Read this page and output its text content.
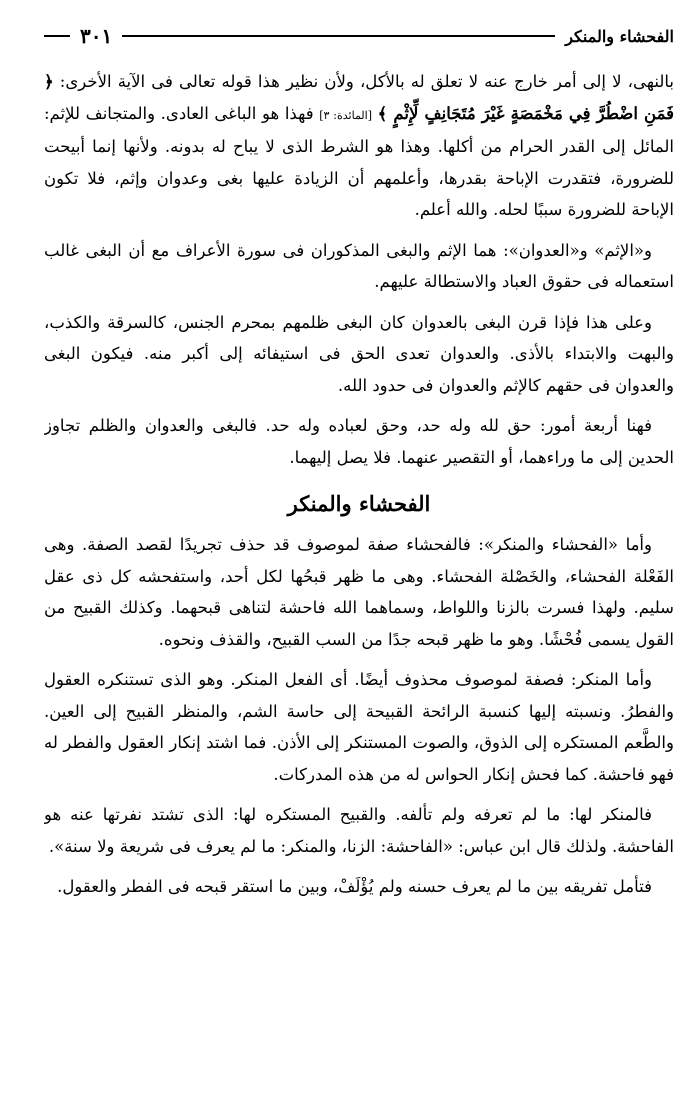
الفحشاء والمنكر
٣٠١

بالنهى، لا إلى أمر خارج عنه لا تعلق له بالأكل، ولأن نظير هذا قوله تعالى فى الآية الأخرى: ﴿ فَمَنِ اضْطُرَّ فِي مَخْمَصَةٍ غَيْرَ مُتَجَانِفٍ لِّإِثْمٍ ﴾ [المائدة: ٣] فهذا هو الباغى العادى. والمتجانف للإثم: المائل إلى القدر الحرام من أكلها. وهذا هو الشرط الذى لا يباح له بدونه. ولأنها إنما أبيحت للضرورة، فتقدرت الإباحة بقدرها، وأعلمهم أن الزيادة عليها بغى وعدوان وإثم، فلا تكون الإباحة للضرورة سببًا لحله. والله أعلم.

و«الإثم» و«العدوان»: هما الإثم والبغى المذكوران فى سورة الأعراف مع أن البغى غالب استعماله فى حقوق العباد والاستطالة عليهم.

وعلى هذا فإذا قرن البغى بالعدوان كان البغى ظلمهم بمحرم الجنس، كالسرقة والكذب، والبهت والابتداء بالأذى. والعدوان تعدى الحق فى استيفائه إلى أكبر منه. فيكون البغى والعدوان فى حقهم كالإثم والعدوان فى حدود الله.

فهنا أربعة أمور: حق لله وله حد، وحق لعباده وله حد. فالبغى والعدوان والظلم تجاوز الحدين إلى ما وراءهما، أو التقصير عنهما. فلا يصل إليهما.

الفحشاء والمنكر

وأما «الفحشاء والمنكر»: فالفحشاء صفة لموصوف قد حذف تجريدًا لقصد الصفة. وهى الفَعْلة الفحشاء، والخَصْلة الفحشاء. وهى ما ظهر قبحُها لكل أحد، واستفحشه كل ذى عقل سليم. ولهذا فسرت بالزنا واللواط، وسماهما الله فاحشة لتناهى قبحهما. وكذلك القبيح من القول يسمى فُحْشًا. وهو ما ظهر قبحه جدًا من السب القبيح، والقذف ونحوه.

وأما المنكر: فصفة لموصوف محذوف أيضًا. أى الفعل المنكر. وهو الذى تستنكره العقول والفطرُ. ونسبته إليها كنسبة الرائحة القبيحة إلى حاسة الشم، والمنظر القبيح إلى العين. والطَّعم المستكره إلى الذوق، والصوت المستنكر إلى الأذن. فما اشتد إنكار العقول والفطر له فهو فاحشة. كما فحش إنكار الحواس له من هذه المدركات.

فالمنكر لها: ما لم تعرفه ولم تألفه. والقبيح المستكره لها: الذى تشتد نفرتها عنه هو الفاحشة. ولذلك قال ابن عباس: «الفاحشة: الزنا، والمنكر: ما لم يعرف فى شريعة ولا سنة».

فتأمل تفريقه بين ما لم يعرف حسنه ولم يُؤْلَفْ، وبين ما استقر قبحه فى الفطر والعقول.
